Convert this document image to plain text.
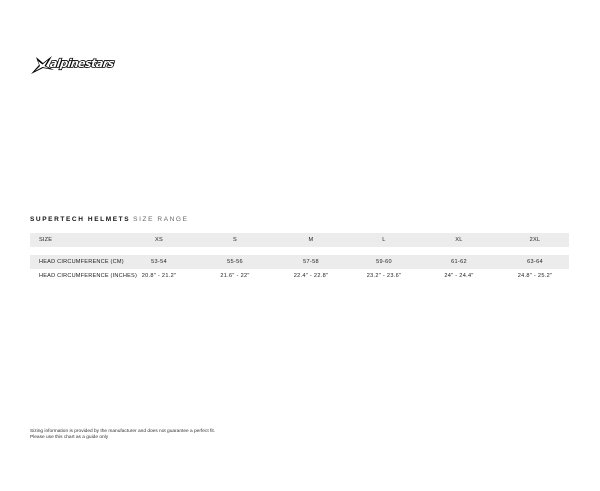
alpinestars
SUPERTECH HELMETS SIZE RANGE
SIZE	XS	S	M	L	XL	2XL
HEAD CIRCUMFERENCE (CM)	53-54	55-56	57-58	59-60	61-62	63-64
HEAD CIRCUMFERENCE (INCHES) 20.8" - 21.2"	21.6" - 22"	22.4" - 22.8"	23.2" - 23.6"	24" - 24.4"	24.8" - 25.2"
Sizing information is provided by the manufacturer and does not guarantee a perfect fit.
Please use this chart as a guide only
